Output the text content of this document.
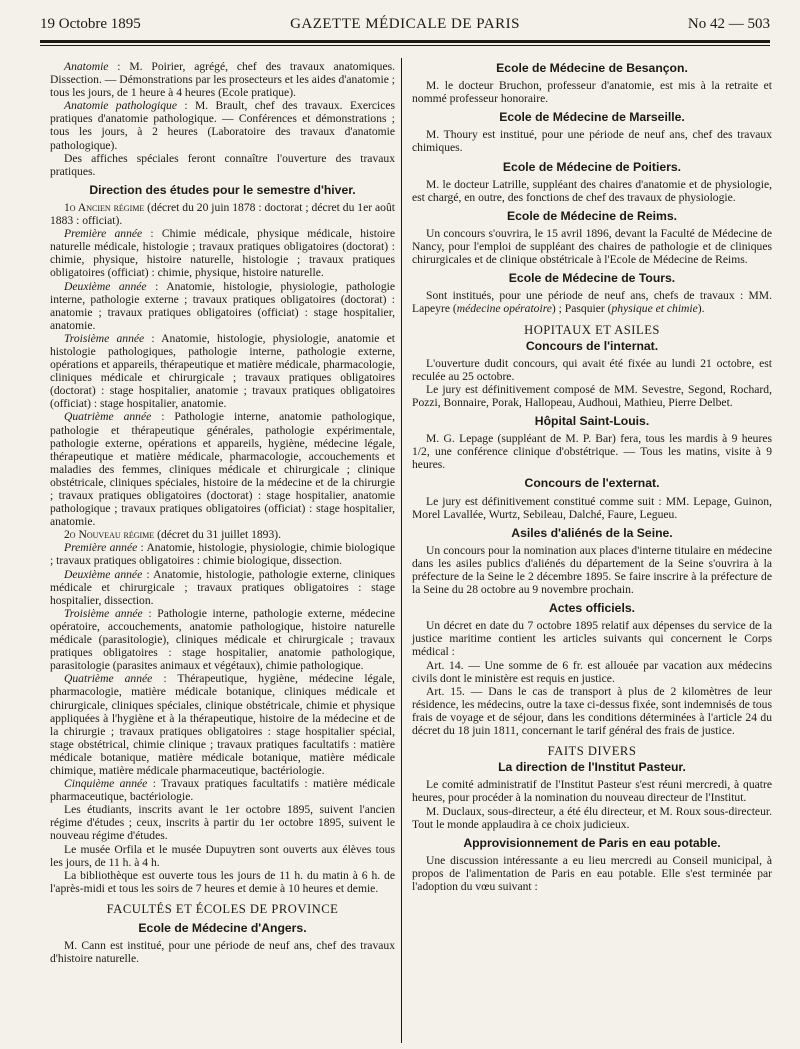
19 Octobre 1895	GAZETTE MÉDICALE DE PARIS	No 42 — 503

Anatomie : M. Poirier, agrégé, chef des travaux anatomiques. Dissection. — Démonstrations par les prosecteurs et les aides d'anatomie ; tous les jours, de 1 heure à 4 heures (Ecole pratique).

Anatomie pathologique : M. Brault, chef des travaux. Exercices pratiques d'anatomie pathologique. — Conférences et démonstrations ; tous les jours, à 2 heures (Laboratoire des travaux d'anatomie pathologique).

Des affiches spéciales feront connaître l'ouverture des travaux pratiques.

Direction des études pour le semestre d'hiver.

1o Ancien régime (décret du 20 juin 1878 : doctorat ; décret du 1er août 1883 : officiat).

Première année : Chimie médicale, physique médicale, histoire naturelle médicale, histologie ; travaux pratiques obligatoires (doctorat) : chimie, physique, histoire naturelle, histologie ; travaux pratiques obligatoires (officiat) : chimie, physique, histoire naturelle.

Deuxième année : Anatomie, histologie, physiologie, pathologie interne, pathologie externe ; travaux pratiques obligatoires (doctorat) : anatomie ; travaux pratiques obligatoires (officiat) : stage hospitalier, anatomie.

Troisième année : Anatomie, histologie, physiologie, anatomie et histologie pathologiques, pathologie interne, pathologie externe, opérations et appareils, thérapeutique et matière médicale, pharmacologie, cliniques médicale et chirurgicale ; travaux pratiques obligatoires (doctorat) : stage hospitalier, anatomie ; travaux pratiques obligatoires (officiat) : stage hospitalier, anatomie.

Quatrième année : Pathologie interne, anatomie pathologique, pathologie et thérapeutique générales, pathologie expérimentale, pathologie externe, opérations et appareils, hygiène, médecine légale, thérapeutique et matière médicale, pharmacologie, accouchements et maladies des femmes, cliniques médicale et chirurgicale ; clinique obstétricale, cliniques spéciales, histoire de la médecine et de la chirurgie ; travaux pratiques obligatoires (doctorat) : stage hospitalier, anatomie pathologique ; travaux pratiques obligatoires (officiat) : stage hospitalier, anatomie.

2o Nouveau régime (décret du 31 juillet 1893).

Première année : Anatomie, histologie, physiologie, chimie biologique ; travaux pratiques obligatoires : chimie biologique, dissection.

Deuxième année : Anatomie, histologie, pathologie externe, cliniques médicale et chirurgicale ; travaux pratiques obligatoires : stage hospitalier, dissection.

Troisième année : Pathologie interne, pathologie externe, médecine opératoire, accouchements, anatomie pathologique, histoire naturelle médicale (parasitologie), cliniques médicale et chirurgicale ; travaux pratiques obligatoires : stage hospitalier, anatomie pathologique, parasitologie (parasites animaux et végétaux), chimie pathologique.

Quatrième année : Thérapeutique, hygiène, médecine légale, pharmacologie, matière médicale botanique, cliniques médicale et chirurgicale, cliniques spéciales, clinique obstétricale, chimie et physique appliquées à l'hygiène et à la thérapeutique, histoire de la médecine et de la chirurgie ; travaux pratiques obligatoires : stage hospitalier spécial, stage obstétrical, chimie clinique ; travaux pratiques facultatifs : matière médicale botanique, matière médicale botanique, matière médicale chimique, matière médicale pharmaceutique, bactériologie.

Cinquième année : Travaux pratiques facultatifs : matière médicale pharmaceutique, bactériologie.

Les étudiants, inscrits avant le 1er octobre 1895, suivent l'ancien régime d'études ; ceux, inscrits à partir du 1er octobre 1895, suivent le nouveau régime d'études.

Le musée Orfila et le musée Dupuytren sont ouverts aux élèves tous les jours, de 11 h. à 4 h.

La bibliothèque est ouverte tous les jours de 11 h. du matin à 6 h. de l'après-midi et tous les soirs de 7 heures et demie à 10 heures et demie.

FACULTÉS ET ÉCOLES DE PROVINCE
Ecole de Médecine d'Angers.

M. Cann est institué, pour une période de neuf ans, chef des travaux d'histoire naturelle.

Ecole de Médecine de Besançon.

M. le docteur Bruchon, professeur d'anatomie, est mis à la retraite et nommé professeur honoraire.

Ecole de Médecine de Marseille.

M. Thoury est institué, pour une période de neuf ans, chef des travaux chimiques.

Ecole de Médecine de Poitiers.

M. le docteur Latrille, suppléant des chaires d'anatomie et de physiologie, est chargé, en outre, des fonctions de chef des travaux de physiologie.

Ecole de Médecine de Reims.

Un concours s'ouvrira, le 15 avril 1896, devant la Faculté de Médecine de Nancy, pour l'emploi de suppléant des chaires de pathologie et de cliniques chirurgicales et de clinique obstétricale à l'Ecole de Médecine de Reims.

Ecole de Médecine de Tours.

Sont institués, pour une période de neuf ans, chefs de travaux : MM. Lapeyre (médecine opératoire) ; Pasquier (physique et chimie).

HOPITAUX ET ASILES
Concours de l'internat.

L'ouverture dudit concours, qui avait été fixée au lundi 21 octobre, est reculée au 25 octobre.

Le jury est définitivement composé de MM. Sevestre, Segond, Rochard, Pozzi, Bonnaire, Porak, Hallopeau, Audhoui, Mathieu, Pierre Delbet.

Hôpital Saint-Louis.

M. G. Lepage (suppléant de M. P. Bar) fera, tous les mardis à 9 heures 1/2, une conférence clinique d'obstétrique. — Tous les matins, visite à 9 heures.

Concours de l'externat.

Le jury est définitivement constitué comme suit : MM. Lepage, Guinon, Morel Lavallée, Wurtz, Sebileau, Dalché, Faure, Legueu.

Asiles d'aliénés de la Seine.

Un concours pour la nomination aux places d'interne titulaire en médecine dans les asiles publics d'aliénés du département de la Seine s'ouvrira à la préfecture de la Seine le 2 décembre 1895. Se faire inscrire à la préfecture de la Seine du 28 octobre au 9 novembre prochain.

Actes officiels.

Un décret en date du 7 octobre 1895 relatif aux dépenses du service de la justice maritime contient les articles suivants qui concernent le Corps médical :

Art. 14. — Une somme de 6 fr. est allouée par vacation aux médecins civils dont le ministère est requis en justice.

Art. 15. — Dans le cas de transport à plus de 2 kilomètres de leur résidence, les médecins, outre la taxe ci-dessus fixée, sont indemnisés de tous frais de voyage et de séjour, dans les conditions déterminées à l'article 24 du décret du 18 juin 1811, concernant le tarif général des frais de justice.

FAITS DIVERS
La direction de l'Institut Pasteur.

Le comité administratif de l'Institut Pasteur s'est réuni mercredi, à quatre heures, pour procéder à la nomination du nouveau directeur de l'Institut.

M. Duclaux, sous-directeur, a été élu directeur, et M. Roux sous-directeur. Tout le monde applaudira à ce choix judicieux.

Approvisionnement de Paris en eau potable.

Une discussion intéressante a eu lieu mercredi au Conseil municipal, à propos de l'alimentation de Paris en eau potable. Elle s'est terminée par l'adoption du vœu suivant :
